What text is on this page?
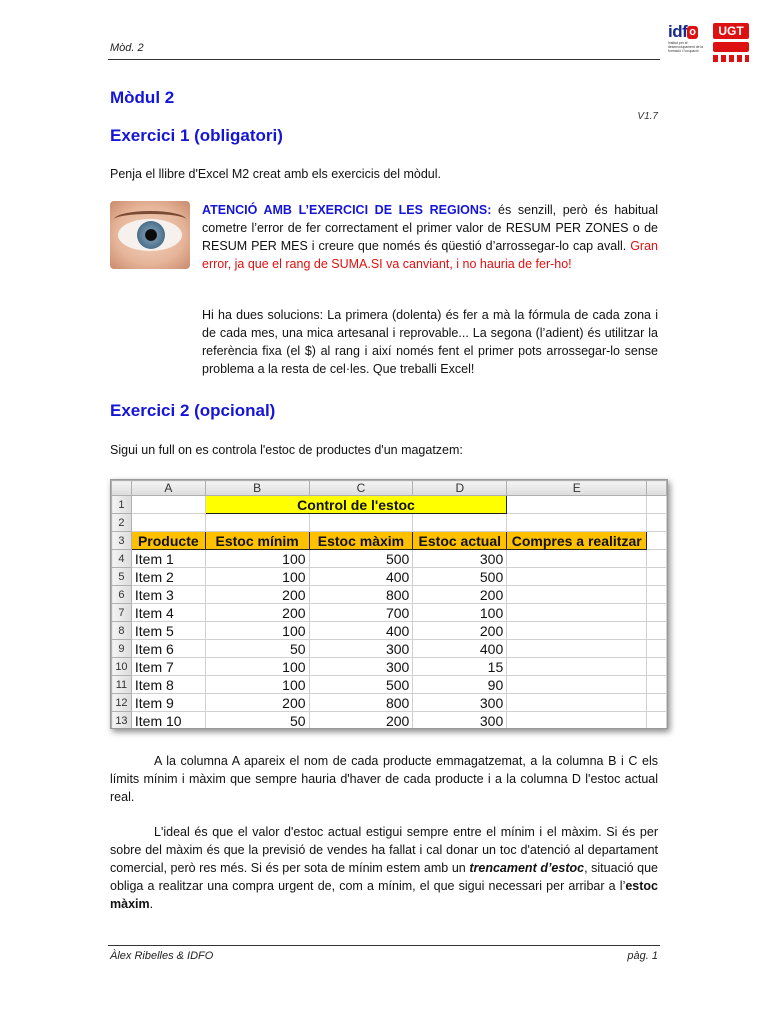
Mòd. 2
idf o
Institut per al desenvolupament de la formació i l'ocupació
UGT
Mòdul 2
V1.7
Exercici 1 (obligatori)
Penja el llibre d'Excel M2 creat amb els exercicis del mòdul.
ATENCIÓ AMB L’EXERCICI DE LES REGIONS: és senzill, però és habitual cometre l’error de fer correctament el primer valor de RESUM PER ZONES o de RESUM PER MES i creure que només és qüestió d’arrossegar-lo cap avall. Gran error, ja que el rang de SUMA.SI va canviant, i no hauria de fer-ho!
Hi ha dues solucions: La primera (dolenta) és fer a mà la fórmula de cada zona i de cada mes, una mica artesanal i reprovable... La segona (l’adient) és utilitzar la referència fixa (el $) al rang i així només fent el primer pots arrossegar-lo sense problema a la resta de cel·les. Que treballi Excel!
Exercici 2 (opcional)
Sigui un full on es controla l'estoc de productes d'un magatzem:
	A	B	C	D	E	
1		Control de l'estoc				
2						
3	Producte	Estoc mínim	Estoc màxim	Estoc actual	Compres a realitzar	
4	Item 1	100	500	300		
5	Item 2	100	400	500		
6	Item 3	200	800	200		
7	Item 4	200	700	100		
8	Item 5	100	400	200		
9	Item 6	50	300	400		
10	Item 7	100	300	15		
11	Item 8	100	500	90		
12	Item 9	200	800	300		
13	Item 10	50	200	300		
A la columna A apareix el nom de cada producte emmagatzemat, a la columna B i C els límits mínim i màxim que sempre hauria d'haver de cada producte i a la columna D l'estoc actual real.
L'ideal és que el valor d'estoc actual estigui sempre entre el mínim i el màxim. Si és per sobre del màxim és que la previsió de vendes ha fallat i cal donar un toc d'atenció al departament comercial, però res més. Si és per sota de mínim estem amb un trencament d’estoc, situació que obliga a realitzar una compra urgent de, com a mínim, el que sigui necessari per arribar a l’estoc màxim.
Àlex Ribelles & IDFO	pàg. 1
